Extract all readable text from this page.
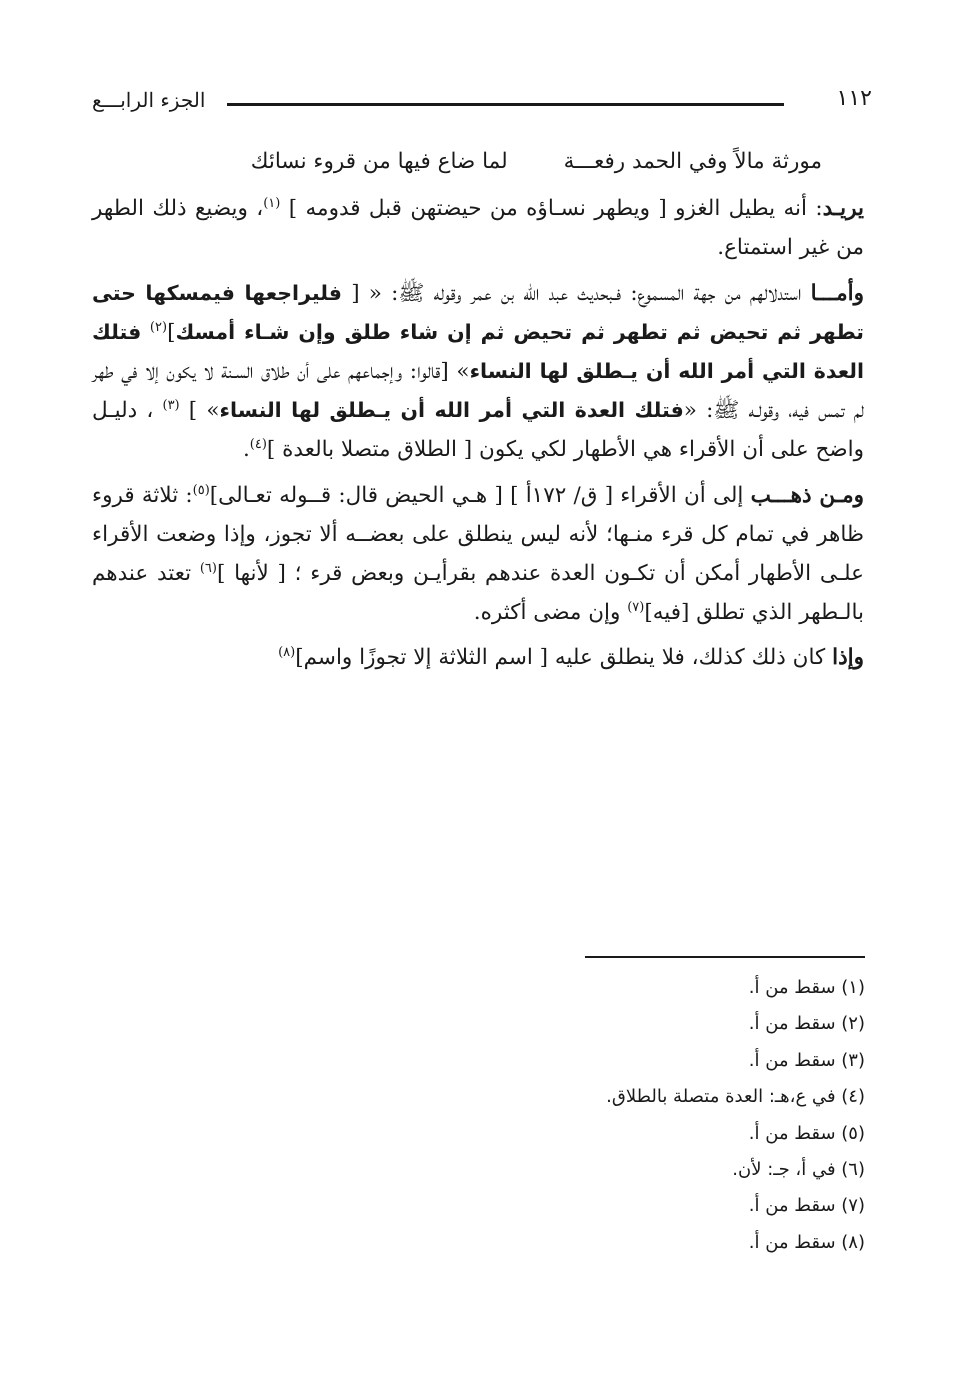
الجزء الرابـــع	١١٢

مورثة مالاً وفي الحمد رفعـــة
لما ضاع فيها من قروء نسائك

يريـد: أنه يطيل الغزو [ ويطهر نسـاؤه من حيضتهن قبل قدومه ] $^{(١)}$، ويضيع ذلك الطهر من غير استمتاع.

وأمـــا استدلالهم من جهة المسموع: فـبحديث عبد الله بن عمر وقوله ﷺ: « [ فليراجعها فيمسكها حتى تطهر ثم تحيض ثم تطهر ثم تحيض ثم إن شاء طلق وإن شـاء أمسك]$^{(٢)}$ فتلك العدة التي أمر الله أن يـطلق لها النساء» [قالوا: وإجماعهم على أن طلاق السـنة لا يكون إلا في طهر لم تمس فيه، وقولـه ﷺ: «فتلك العدة التي أمر الله أن يـطلق لها النساء» ] $^{(٣)}$ ، دليـل واضح على أن الأقراء هي الأطهار لكي يكون [ الطلاق متصلا بالعدة ]$^{(٤)}$.

ومـن ذهـــب إلى أن الأقراء [ ق/ ١٧٢أ ] [ هـي الحيض قال: قــوله تعـالى]$^{(٥)}$: ثلاثة قروء ظاهر في تمام كل قرء منـها؛ لأنه ليس ينطلق على بعضــه ألا تجوز، وإذا وضعت الأقراء علـى الأطهار أمكن أن تكـون العدة عندهم بقرأيـن وبعض قرء ؛ [ لأنها ]$^{(٦)}$ تعتد عندهم بالـطهر الذي تطلق [فيه]$^{(٧)}$ وإن مضى أكثره.

وإذا كان ذلك كذلك، فلا ينطلق عليه [ اسم الثلاثة إلا تجوزًا واسم]$^{(٨)}$

(١) سقط من أ.
(٢) سقط من أ.
(٣) سقط من أ.
(٤) في ع،هـ: العدة متصلة بالطلاق.
(٥) سقط من أ.
(٦) في أ، جـ: لأن.
(٧) سقط من أ.
(٨) سقط من أ.
